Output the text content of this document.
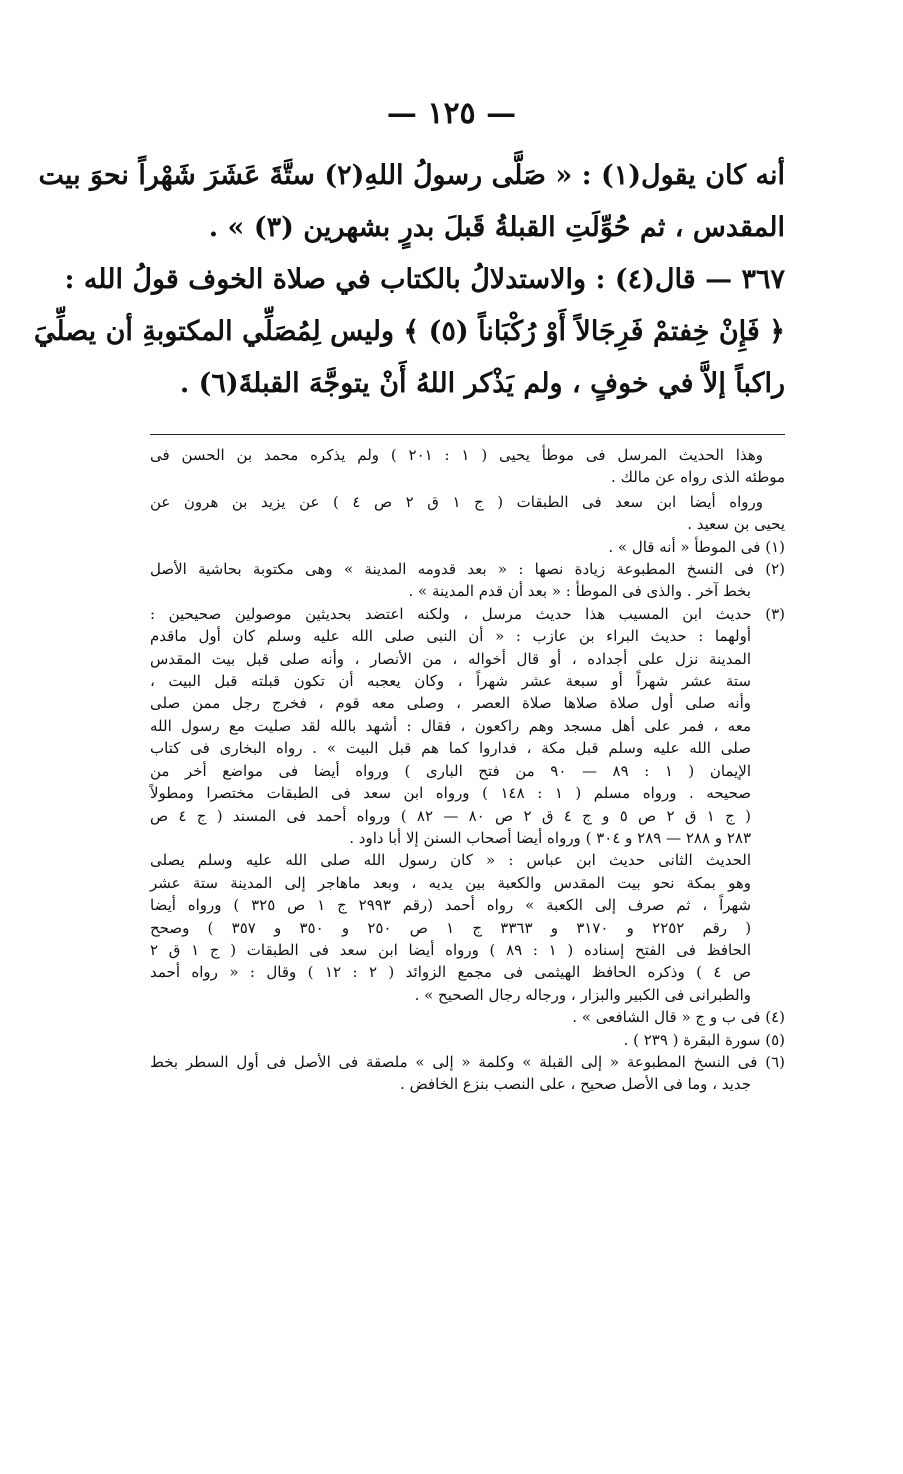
— ١٢٥ —
أنه كان يقول(١) : « صَلَّى رسولُ اللهِ(٢) ستَّةَ عَشَرَ شَهْراً نحوَ بيت
المقدس ، ثم حُوِّلَتِ القبلةُ قَبلَ بدرٍ بشهرين (٣) » .
٣٦٧ — قال(٤) : والاستدلالُ بالكتاب في صلاة الخوف قولُ الله :
﴿ فَإِنْ خِفتمْ فَرِجَالاً أَوْ رُكْبَاناً (٥) ﴾ وليس لِمُصَلِّي المكتوبةِ أن يصلِّيَ
راكباً إلاَّ في خوفٍ ، ولم يَذْكر اللهُ أَنْ يتوجَّهَ القبلةَ(٦) .
وهذا الحديث المرسل فى موطأ يحيى ( ١ : ٢٠١ ) ولم يذكره محمد بن الحسن فى
موطئه الذى رواه عن مالك .
ورواه أيضا ابن سعد فى الطبقات ( ج ١ ق ٢ ص ٤ ) عن يزيد بن هرون عن
يحيى بن سعيد .
(١) فى الموطأ « أنه قال » .
(٢) فى النسخ المطبوعة زيادة نصها : « بعد قدومه المدينة » وهى مكتوبة بحاشية الأصل
بخط آخر . والذى فى الموطأ : « بعد أن قدم المدينة » .
(٣) حديث ابن المسيب هذا حديث مرسل ، ولكنه اعتضد بحديثين موصولين صحيحين :
أولهما : حديث البراء بن عازب : « أن النبى صلى الله عليه وسلم كان أول ماقدم
المدينة نزل على أجداده ، أو قال أخواله ، من الأنصار ، وأنه صلى قبل بيت المقدس
ستة عشر شهراً أو سبعة عشر شهراً ، وكان يعجبه أن تكون قبلته قبل البيت ،
وأنه صلى أول صلاة صلاها صلاة العصر ، وصلى معه قوم ، فخرج رجل ممن صلى
معه ، فمر على أهل مسجد وهم راكعون ، فقال : أشهد بالله لقد صليت مع رسول الله
صلى الله عليه وسلم قبل مكة ، فداروا كما هم قبل البيت » . رواه البخارى فى كتاب
الإيمان ( ١ : ٨٩ — ٩٠ من فتح البارى ) ورواه أيضا فى مواضع أخر من
صحيحه . ورواه مسلم ( ١ : ١٤٨ ) ورواه ابن سعد فى الطبقات مختصرا ومطولاً
( ج ١ ق ٢ ص ٥ و ج ٤ ق ٢ ص ٨٠ — ٨٢ ) ورواه أحمد فى المسند ( ج ٤ ص
٢٨٣ و ٢٨٨ — ٢٨٩ و ٣٠٤ ) ورواه أيضا أصحاب السنن إلا أبا داود .
الحديث الثانى حديث ابن عباس : « كان رسول الله صلى الله عليه وسلم يصلى
وهو بمكة نحو بيت المقدس والكعبة بين يديه ، وبعد ماهاجر إلى المدينة ستة عشر
شهراً ، ثم صرف إلى الكعبة » رواه أحمد (رقم ٢٩٩٣ ج ١ ص ٣٢٥ ) ورواه أيضا
( رقم ٢٢٥٢ و ٣١٧٠ و ٣٣٦٣ ج ١ ص ٢٥٠ و ٣٥٠ و ٣٥٧ ) وصحح
الحافظ فى الفتح إسناده ( ١ : ٨٩ ) ورواه أيضا ابن سعد فى الطبقات ( ج ١ ق ٢
ص ٤ ) وذكره الحافظ الهيثمى فى مجمع الزوائد ( ٢ : ١٢ ) وقال : « رواه أحمد
والطبرانى فى الكبير والبزار ، ورجاله رجال الصحيح » .
(٤) فى ب و ج « قال الشافعى » .
(٥) سورة البقرة ( ٢٣٩ ) .
(٦) فى النسخ المطبوعة « إلى القبلة » وكلمة « إلى » ملصقة فى الأصل فى أول السطر بخط
جديد ، وما فى الأصل صحيح ، على النصب بنزع الخافض .
